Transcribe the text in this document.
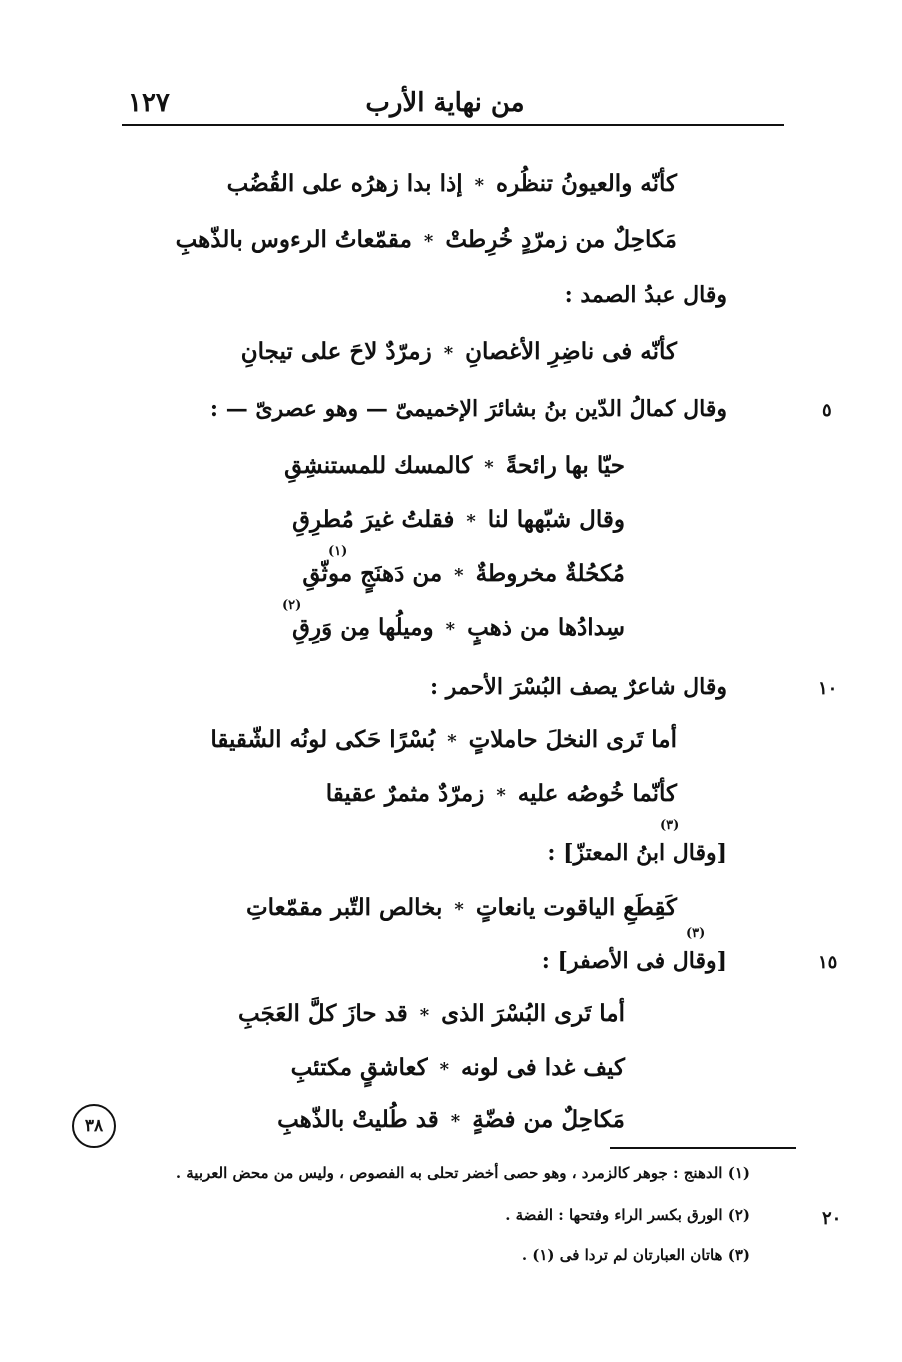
من نهاية الأرب
١٢٧
كأنّه والعيونُ تنظُره*إذا بدا زهرُه على القُضُب
مَكاحِلٌ من زمرّدٍ خُرِطتْ*مقمّعاتُ الرءوس بالذّهبِ
وقال عبدُ الصمد :
كأنّه فى ناضِرِ الأغصانِ*زمرّدٌ لاحَ على تيجانِ
وقال كمالُ الدّين بنُ بشائرَ الإخميمىّ — وهو عصرىّ — :	٥
حيّا بها رائحةً*كالمسك للمستنشِقِ
وقال شبّهها لنا*فقلتُ غيرَ مُطرِقِ
(١)
مُكحُلةٌ مخروطةٌ*من دَهنَجٍ موثّقِ
(٢)
سِدادُها من ذهبٍ*وميلُها مِن وَرِقِ
وقال شاعرٌ يصف البُسْرَ الأحمر :	١٠
أما تَرى النخلَ حاملاتٍ*بُسْرًا حَكى لونُه الشّقيقا
كأنّما خُوصُه عليه*زمرّدٌ مثمرٌ عقيقا
(٣)
[وقال ابنُ المعتزّ] :
كَقِطَعِ الياقوت يانعاتٍ*بخالص التّبر مقمّعاتِ
(٣)
[وقال فى الأصفر] :	١٥
أما تَرى البُسْرَ الذى*قد حازَ كلَّ العَجَبِ
كيف غدا فى لونه*كعاشقٍ مكتئبِ
مَكاحِلٌ من فضّةٍ*قد طُليتْ بالذّهبِ
٣٨
(١) الدهنج : جوهر كالزمرد ، وهو حصى أخضر تحلى به الفصوص ، وليس من محض العربية .
(٢) الورق بكسر الراء وفتحها : الفضة .	٢٠
(٣) هاتان العبارتان لم تردا فى (١) .
